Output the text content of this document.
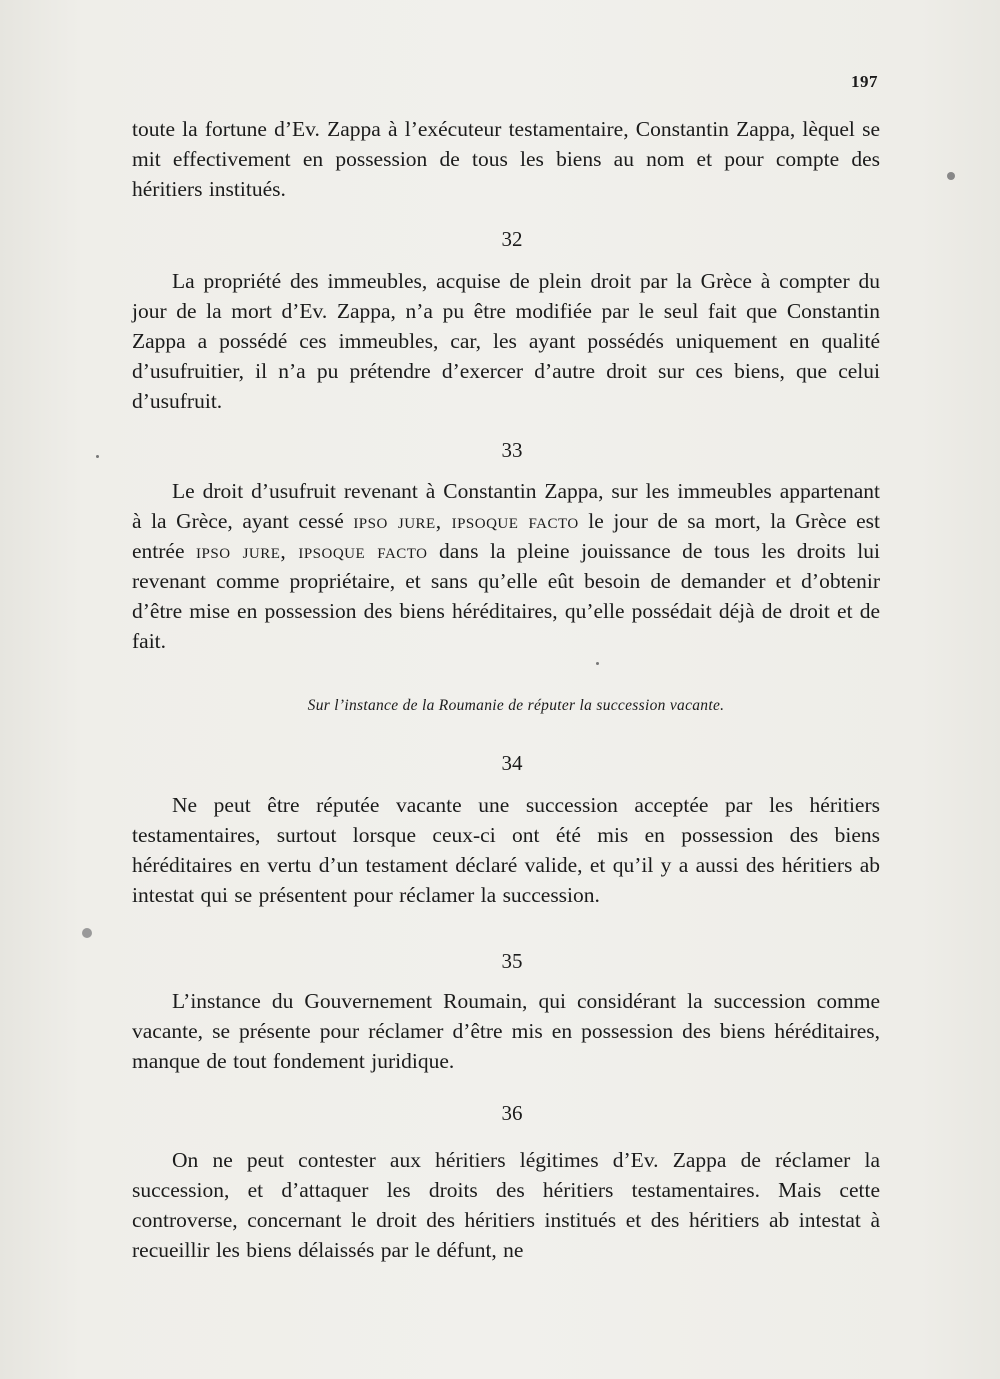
197

toute la fortune d’Ev. Zappa à l’exécuteur testamentaire, Constantin Zappa, lèquel se mit effectivement en possession de tous les biens au nom et pour compte des héritiers institués.

32

La propriété des immeubles, acquise de plein droit par la Grèce à compter du jour de la mort d’Ev. Zappa, n’a pu être modifiée par le seul fait que Constantin Zappa a possédé ces immeubles, car, les ayant possédés uniquement en qualité d’usufruitier, il n’a pu prétendre d’exercer d’autre droit sur ces biens, que celui d’usufruit.

33

Le droit d’usufruit revenant à Constantin Zappa, sur les immeubles appartenant à la Grèce, ayant cessé ipso jure, ipsoque facto le jour de sa mort, la Grèce est entrée ipso jure, ipsoque facto dans la pleine jouissance de tous les droits lui revenant comme propriétaire, et sans qu’elle eût besoin de demander et d’obtenir d’être mise en possession des biens héréditaires, qu’elle possédait déjà de droit et de fait.

Sur l’instance de la Roumanie de réputer la succession vacante.
34

Ne peut être réputée vacante une succession acceptée par les héritiers testamentaires, surtout lorsque ceux-ci ont été mis en possession des biens héréditaires en vertu d’un testament déclaré valide, et qu’il y a aussi des héritiers ab intestat qui se présentent pour réclamer la succession.

35

L’instance du Gouvernement Roumain, qui considérant la succession comme vacante, se présente pour réclamer d’être mis en possession des biens héréditaires, manque de tout fondement juridique.

36

On ne peut contester aux héritiers légitimes d’Ev. Zappa de réclamer la succession, et d’attaquer les droits des héritiers testamentaires. Mais cette controverse, concernant le droit des héritiers institués et des héritiers ab intestat à recueillir les biens délaissés par le défunt, ne
